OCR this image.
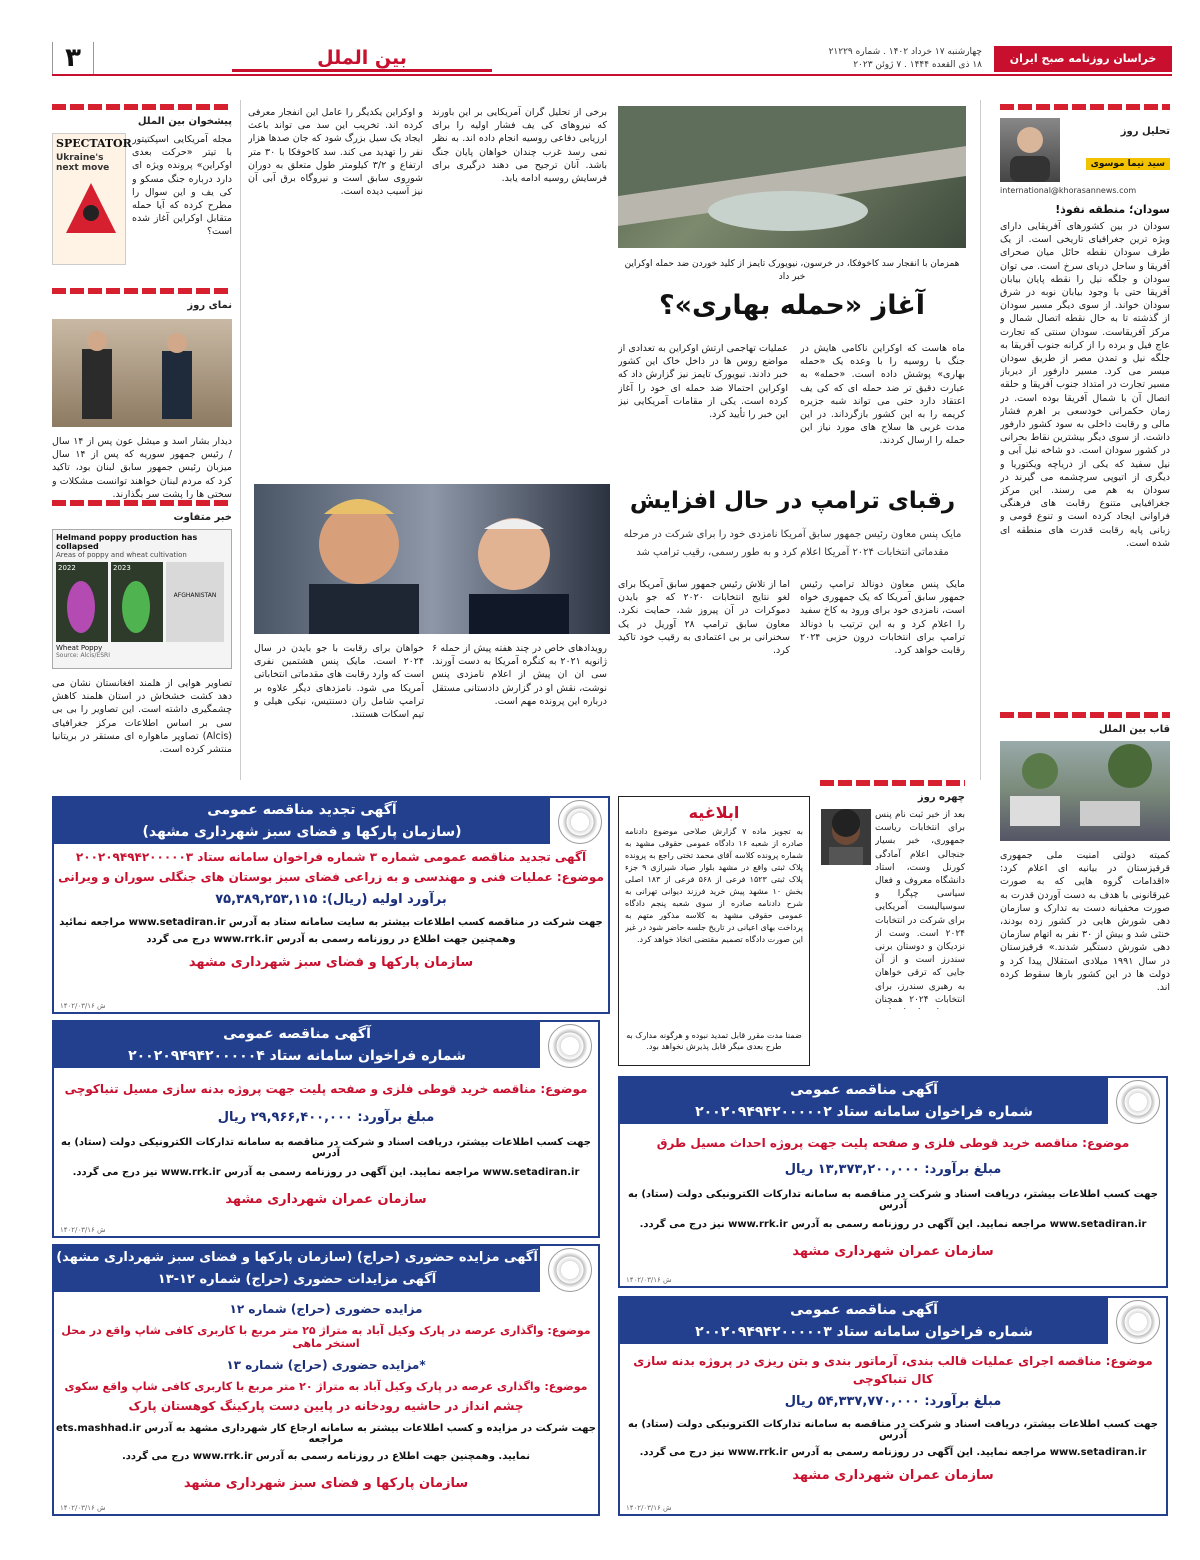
خراسان روزنامه صبح ایران
چهارشنبه ۱۷ خرداد ۱۴۰۲ . شماره ۲۱۲۲۹
۱۸ ذی القعده ۱۴۴۴ . ۷ ژوئن ۲۰۲۳
بین الملل
۳
تحلیل روز
سید نیما موسوی
international@khorasannews.com
سودان؛ منطقه نفوذ!
سودان در بین کشورهای آفریقایی دارای ویژه ترین جغرافیای تاریخی است. از یک طرف سودان نقطه حائل میان صحرای آفریقا و ساحل دریای سرخ است. می توان سودان و جلگه نیل را نقطه پایان بیابان آفریقا حتی با وجود بیابان نوبه در شرق سودان خواند. از سوی دیگر مسیر سودان از گذشته تا به حال نقطه اتصال شمال و مرکز آفریقاست. سودان سنتی که تجارت عاج فیل و برده را از کرانه جنوب آفریقا به جلگه نیل و تمدن مصر از طریق سودان میسر می کرد. مسیر دارفور از دیرباز مسیر تجارت در امتداد جنوب آفریقا و حلقه اتصال آن با شمال آفریقا بوده است. در زمان حکمرانی خودسعی بر اهرم فشار مالی و رقابت داخلی به سود کشور دارفور داشت. از سوی دیگر بیشترین نقاط بحرانی در کشور سودان است. دو شاخه نیل آبی و نیل سفید که یکی از دریاچه ویکتوریا و دیگری از اتیوپی سرچشمه می گیرند در سودان به هم می رسند. این مرکز جغرافیایی متنوع رقابت های فرهنگی فراوانی ایجاد کرده است و تنوع قومی و زبانی پایه رقابت قدرت های منطقه ای شده است.
قاب بین الملل
کمیته دولتی امنیت ملی جمهوری قرقیزستان در بیانیه ای اعلام کرد: «اقدامات گروه هایی که به صورت غیرقانونی با هدف به دست آوردن قدرت به صورت مخفیانه دست به تدارک و سازمان دهی شورش هایی در کشور زده بودند، خنثی شد و بیش از ۳۰ نفر به اتهام سازمان دهی شورش دستگیر شدند.» قرقیزستان در سال ۱۹۹۱ میلادی استقلال پیدا کرد و دولت ها در این کشور بارها سقوط کرده اند.
همزمان با انفجار سد کاخوفکا، در خرسون، نیویورک تایمز از کلید خوردن ضد حمله اوکراین خبر داد
آغاز «حمله بهاری»؟
ماه هاست که اوکراین ناکامی هایش در جنگ با روسیه را با وعده یک «حمله بهاری» پوشش داده است. «حمله» به عبارت دقیق تر ضد حمله ای که کی یف اعتقاد دارد حتی می تواند شبه جزیره کریمه را به این کشور بازگرداند. در این مدت غربی ها سلاح های مورد نیاز این حمله را ارسال کردند.
عملیات تهاجمی ارتش اوکراین به تعدادی از مواضع روس ها در داخل خاک این کشور خبر دادند. نیویورک تایمز نیز گزارش داد که اوکراین احتمالا ضد حمله ای خود را آغاز کرده است. یکی از مقامات آمریکایی نیز این خبر را تأیید کرد.
برخی از تحلیل گران آمریکایی بر این باورند که نیروهای کی یف فشار اولیه را برای ارزیابی دفاعی روسیه انجام داده اند. به نظر نمی رسد غرب چندان خواهان پایان جنگ باشد. آنان ترجیح می دهند درگیری برای فرسایش روسیه ادامه یابد.
و اوکراین یکدیگر را عامل این انفجار معرفی کرده اند. تخریب این سد می تواند باعث ایجاد یک سیل بزرگ شود که جان صدها هزار نفر را تهدید می کند. سد کاخوفکا با ۳۰ متر ارتفاع و ۳/۲ کیلومتر طول متعلق به دوران شوروی سابق است و نیروگاه برق آبی آن نیز آسیب دیده است.
پیشخوان بین الملل
مجله آمریکایی اسپکتیتور با تیتر «حرکت بعدی اوکراین» پرونده ویژه ای دارد درباره جنگ مسکو و کی یف و این سوال را مطرح کرده که آیا حمله متقابل اوکراین آغاز شده است؟
SPECTATOR
Ukraine's next move
نمای روز
دیدار بشار اسد و میشل عون پس از ۱۴ سال / رئیس جمهور سوریه که پس از ۱۴ سال میزبان رئیس جمهور سابق لبنان بود، تاکید کرد که مردم لبنان خواهند توانست مشکلات و سختی ها را پشت سر بگذارند.
خبر متفاوت
Helmand poppy production has collapsed
Areas of poppy and wheat cultivation
2022	2023
AFGHANISTAN
Wheat Poppy
Source: Alcis/ESRI
تصاویر هوایی از هلمند افغانستان نشان می دهد کشت خشخاش در استان هلمند کاهش چشمگیری داشته است. این تصاویر را بی بی سی بر اساس اطلاعات مرکز جغرافیای (Alcis) تصاویر ماهواره ای مستقر در بریتانیا منتشر کرده است.
رقبای ترامپ در حال افزایش
مایک پنس معاون رئیس جمهور سابق آمریکا نامزدی خود را برای شرکت در مرحله
مقدماتی انتخابات ۲۰۲۴ آمریکا اعلام کرد و به طور رسمی، رقیب ترامپ شد
مایک پنس معاون دونالد ترامپ رئیس جمهور سابق آمریکا که یک جمهوری خواه است، نامزدی خود برای ورود به کاخ سفید را اعلام کرد و به این ترتیب با دونالد ترامپ برای انتخابات درون حزبی ۲۰۲۴ رقابت خواهد کرد.
اما از تلاش رئیس جمهور سابق آمریکا برای لغو نتایج انتخابات ۲۰۲۰ که جو بایدن دموکرات در آن پیروز شد، حمایت نکرد. معاون سابق ترامپ ۲۸ آوریل در یک سخنرانی بر بی اعتمادی به رقیب خود تاکید کرد.
رویدادهای خاص در چند هفته پیش از حمله ۶ ژانویه ۲۰۲۱ به کنگره آمریکا به دست آورند. سی ان ان پیش از اعلام نامزدی پنس نوشت، نقش او در گزارش دادستانی مستقل درباره این پرونده مهم است.
خواهان برای رقابت با جو بایدن در سال ۲۰۲۴ است. مایک پنس هشتمین نفری است که وارد رقابت های مقدماتی انتخاباتی آمریکا می شود. نامزدهای دیگر علاوه بر ترامپ شامل ران دسنتیس، نیکی هیلی و تیم اسکات هستند.
چهره روز
بعد از خبر ثبت نام پنس برای انتخابات ریاست جمهوری، خبر بسیار جنجالی اعلام آمادگی کورنل وست، استاد دانشگاه معروف و فعال سیاسی چپگرا و سوسیالیست آمریکایی برای شرکت در انتخابات ۲۰۲۴ است. وست از نزدیکان و دوستان برنی سندرز است و از آن جایی که ترقی خواهان به رهبری سندرز، برای انتخابات ۲۰۲۴ همچنان
ابلاغیه
به تجویز ماده ۷ گزارش صلاحی موضوع دادنامه صادره از شعبه ۱۶ دادگاه عمومی حقوقی مشهد به شماره پرونده کلاسه آقای محمد تختی راجع به پرونده پلاک ثبتی واقع در مشهد بلوار صیاد شیرازی ۹ جزء پلاک ثبتی ۱۵۲۳ فرعی از ۵۶۸ فرعی از ۱۸۳ اصلی بخش ۱۰ مشهد پیش خرید فرزند دیوانی تهرانی به شرح دادنامه صادره از سوی شعبه پنجم دادگاه عمومی حقوقی مشهد به کلاسه مذکور متهم به پرداخت بهای اعیانی در تاریخ جلسه حاضر شود در غیر این صورت دادگاه تصمیم مقتضی اتخاذ خواهد کرد.
ضمنا مدت مقرر قابل تمدید نبوده و هرگونه مدارک به طرح بعدی میگر قابل پذیرش نخواهد بود.
آگهی تجدید مناقصه عمومی
(سازمان پارکها و فضای سبز شهرداری مشهد)
آگهی تجدید مناقصه عمومی شماره ۳ شماره فراخوان سامانه ستاد ۲۰۰۲۰۹۴۹۴۲۰۰۰۰۰۳
موضوع: عملیات فنی و مهندسی و به زراعی فضای سبز بوستان های جنگلی سوران و ویرانی
برآورد اولیه (ریال): ۷۵,۳۸۹,۲۵۳,۱۱۵
جهت شرکت در مناقصه کسب اطلاعات بیشتر به سایت سامانه ستاد به آدرس www.setadiran.ir مراجعه نمائید
وهمچنین جهت اطلاع در روزنامه رسمی به آدرس www.rrk.ir درج می گردد
سازمان پارکها و فضای سبز شهرداری مشهد
ش ۱۴۰۲/۰۳/۱۶
آگهی مناقصه عمومی
شماره فراخوان سامانه ستاد ۲۰۰۲۰۹۴۹۴۲۰۰۰۰۰۴
موضوع: مناقصه خرید قوطی فلزی و صفحه پلیت جهت پروژه بدنه سازی مسیل تنباکوچی
مبلغ برآورد: ۲۹,۹۶۶,۴۰۰,۰۰۰ ریال
جهت کسب اطلاعات بیشتر، دریافت اسناد و شرکت در مناقصه به سامانه تدارکات الکترونیکی دولت (ستاد) به آدرس
www.setadiran.ir مراجعه نمایید. این آگهی در روزنامه رسمی به آدرس www.rrk.ir نیز درج می گردد.
سازمان عمران شهرداری مشهد
ش ۱۴۰۲/۰۳/۱۶
آگهی مزایده حضوری (حراج) (سازمان پارکها و فضای سبز شهرداری مشهد)
آگهی مزایدات حضوری (حراج) شماره ۱۲-۱۳
مزایده حضوری (حراج) شماره ۱۲
موضوع: واگذاری عرصه در پارک وکیل آباد به متراژ ۲۵ متر مربع با کاربری کافی شاپ واقع در محل استخر ماهی
*مزایده حضوری (حراج) شماره ۱۳
موضوع: واگذاری عرصه در پارک وکیل آباد به متراژ ۲۰ متر مربع با کاربری کافی شاپ واقع سکوی
چشم انداز در حاشیه رودخانه در پایین دست پارکینگ کوهستان پارک
جهت شرکت در مزایده و کسب اطلاعات بیشتر به سامانه ارجاع کار شهرداری مشهد به آدرس ets.mashhad.ir مراجعه
نمایید. وهمچنین جهت اطلاع در روزنامه رسمی به آدرس www.rrk.ir درج می گردد.
سازمان پارکها و فضای سبز شهرداری مشهد
ش ۱۴۰۲/۰۳/۱۶
آگهی مناقصه عمومی
شماره فراخوان سامانه ستاد ۲۰۰۲۰۹۴۹۴۲۰۰۰۰۰۲
موضوع: مناقصه خرید قوطی فلزی و صفحه پلیت جهت پروژه احداث مسیل طرق
مبلغ برآورد: ۱۳,۳۷۳,۲۰۰,۰۰۰ ریال
جهت کسب اطلاعات بیشتر، دریافت اسناد و شرکت در مناقصه به سامانه تدارکات الکترونیکی دولت (ستاد) به آدرس
www.setadiran.ir مراجعه نمایید. این آگهی در روزنامه رسمی به آدرس www.rrk.ir نیز درج می گردد.
سازمان عمران شهرداری مشهد
ش ۱۴۰۲/۰۳/۱۶
آگهی مناقصه عمومی
شماره فراخوان سامانه ستاد ۲۰۰۲۰۹۴۹۴۲۰۰۰۰۰۳
موضوع: مناقصه اجرای عملیات قالب بندی، آرماتور بندی و بتن ریزی در پروژه بدنه سازی
کال تنباکوچی
مبلغ برآورد: ۵۴,۳۳۷,۷۷۰,۰۰۰ ریال
جهت کسب اطلاعات بیشتر، دریافت اسناد و شرکت در مناقصه به سامانه تدارکات الکترونیکی دولت (ستاد) به آدرس
www.setadiran.ir مراجعه نمایید. این آگهی در روزنامه رسمی به آدرس www.rrk.ir نیز درج می گردد.
سازمان عمران شهرداری مشهد
ش ۱۴۰۲/۰۳/۱۶
